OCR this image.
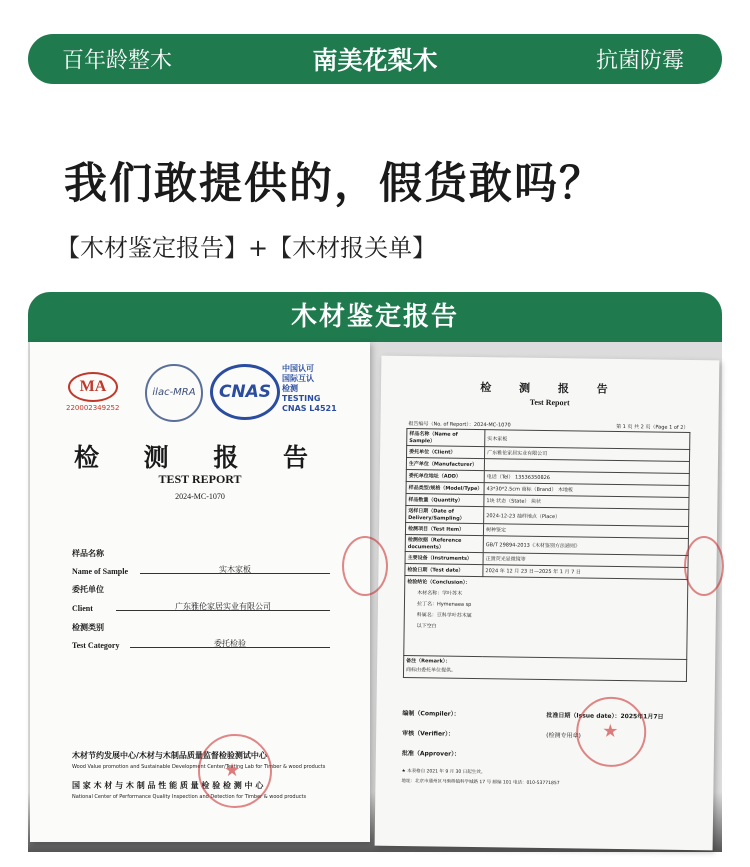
百年龄整木	南美花梨木	抗菌防霉
我们敢提供的，假货敢吗？
【木材鉴定报告】+【木材报关单】
木材鉴定报告
MA
220002349252
ilac-MRA	CNAS
中国认可
国际互认
检测
TESTING
CNAS L4521
检 测 报 告
TEST REPORT
2024-MC-1070
样品名称
Name of Sample	实木家板
委托单位
Client	广东雅伦家居实业有限公司
检测类别
Test Category	委托检验
木材节约发展中心/木材与木制品质量监督检验测试中心
Wood Value promotion and Sustainable Development Center/Testing Lab for Timber & wood products
国 家 木 材 与 木 制 品 性 能 质 量 检 验 检 测 中 心
National Center of Performance Quality Inspection and Detection for Timber & wood products
★
检 测 报 告
Test Report
报告编号（No. of Report）：2024-MC-1070	第 1 页 共 2 页（Page 1 of 2）
样品名称（Name of Sample）	实木家板
委托单位（Client）	广东雅伦家居实业有限公司
生产单位（Manufacturer）	
委托单位地址（ADD）	电话（Tel） 13536350826
样品类型/规格（Model/Type）	43*30*2.5cm 商标（Brand） 木地板
样品数量（Quantity）	1块 状态（State） 块状
送样日期（Date of Delivery/Sampling）	2024-12-23 抽样地点（Place）
检测项目（Test Item）	树种鉴定
检测依据（Reference documents）	GB/T 29894-2013《木材鉴别方法通则》
主要设备（Instruments）	正置荧光显微镜等
检验日期（Test date）	2024 年 12 月 23 日—2025 年 1 月 7 日

检验结论（Conclusion）：
木材名称：学叶苏木
拉丁名：Hymenaea sp
科属名：豆科学叶苏木属
以下空白	

备注（Remark）：
商标由委托单位提供。	
编制（Compiler）：
审核（Verifier）：
批准（Approver）：
批准日期（Issue date）：2025年1月7日
(检测专用章)
★ 本表格自 2021 年 9 月 30 日起生效。
地址：北京市通州区马驹桥镇科学城路 17 号 邮编 101 电话：010-53771857
★
